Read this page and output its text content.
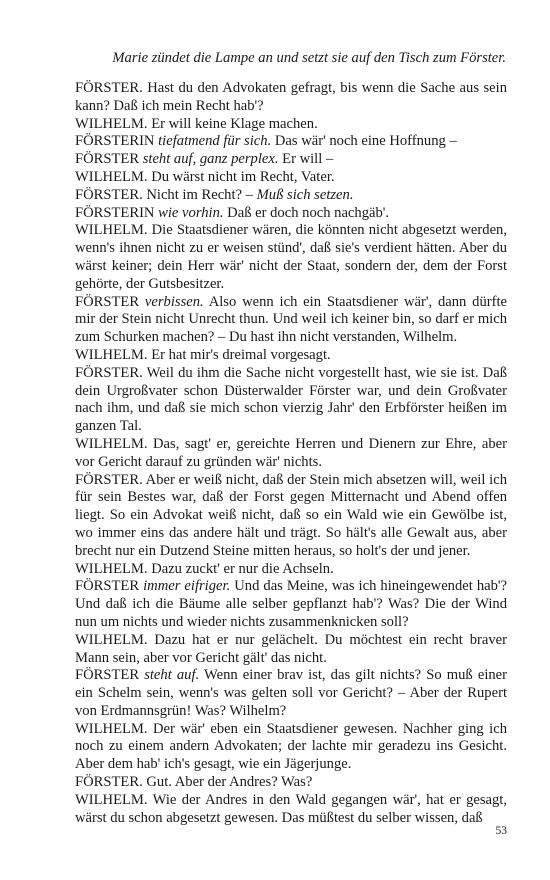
Marie zündet die Lampe an und setzt sie auf den Tisch zum Förster.

FÖRSTER. Hast du den Advokaten gefragt, bis wenn die Sache aus sein kann? Daß ich mein Recht hab'?

WILHELM. Er will keine Klage machen.

FÖRSTERIN tiefatmend für sich. Das wär' noch eine Hoffnung –

FÖRSTER steht auf, ganz perplex. Er will –

WILHELM. Du wärst nicht im Recht, Vater.

FÖRSTER. Nicht im Recht? – Muß sich setzen.

FÖRSTERIN wie vorhin. Daß er doch noch nachgäb'.

WILHELM. Die Staatsdiener wären, die könnten nicht abgesetzt werden, wenn's ihnen nicht zu er weisen stünd', daß sie's verdient hätten. Aber du wärst keiner; dein Herr wär' nicht der Staat, sondern der, dem der Forst gehörte, der Gutsbesitzer.

FÖRSTER verbissen. Also wenn ich ein Staatsdiener wär', dann dürfte mir der Stein nicht Unrecht thun. Und weil ich keiner bin, so darf er mich zum Schurken machen? – Du hast ihn nicht verstanden, Wilhelm.

WILHELM. Er hat mir's dreimal vorgesagt.

FÖRSTER. Weil du ihm die Sache nicht vorgestellt hast, wie sie ist. Daß dein Urgroßvater schon Düsterwalder Förster war, und dein Großvater nach ihm, und daß sie mich schon vierzig Jahr' den Erbförster heißen im ganzen Tal.

WILHELM. Das, sagt' er, gereichte Herren und Dienern zur Ehre, aber vor Gericht darauf zu gründen wär' nichts.

FÖRSTER. Aber er weiß nicht, daß der Stein mich absetzen will, weil ich für sein Bestes war, daß der Forst gegen Mitternacht und Abend offen liegt. So ein Advokat weiß nicht, daß so ein Wald wie ein Gewölbe ist, wo immer eins das andere hält und trägt. So hält's alle Gewalt aus, aber brecht nur ein Dutzend Steine mitten heraus, so holt's der und jener.

WILHELM. Dazu zuckt' er nur die Achseln.

FÖRSTER immer eifriger. Und das Meine, was ich hineingewendet hab'? Und daß ich die Bäume alle selber gepflanzt hab'? Was? Die der Wind nun um nichts und wieder nichts zusammenknicken soll?

WILHELM. Dazu hat er nur gelächelt. Du möchtest ein recht braver Mann sein, aber vor Gericht gält' das nicht.

FÖRSTER steht auf. Wenn einer brav ist, das gilt nichts? So muß einer ein Schelm sein, wenn's was gelten soll vor Gericht? – Aber der Rupert von Erdmannsgrün! Was? Wilhelm?

WILHELM. Der wär' eben ein Staatsdiener gewesen. Nachher ging ich noch zu einem andern Advokaten; der lachte mir geradezu ins Gesicht. Aber dem hab' ich's gesagt, wie ein Jägerjunge.

FÖRSTER. Gut. Aber der Andres? Was?

WILHELM. Wie der Andres in den Wald gegangen wär', hat er gesagt, wärst du schon abgesetzt gewesen. Das müßtest du selber wissen, daß

53
